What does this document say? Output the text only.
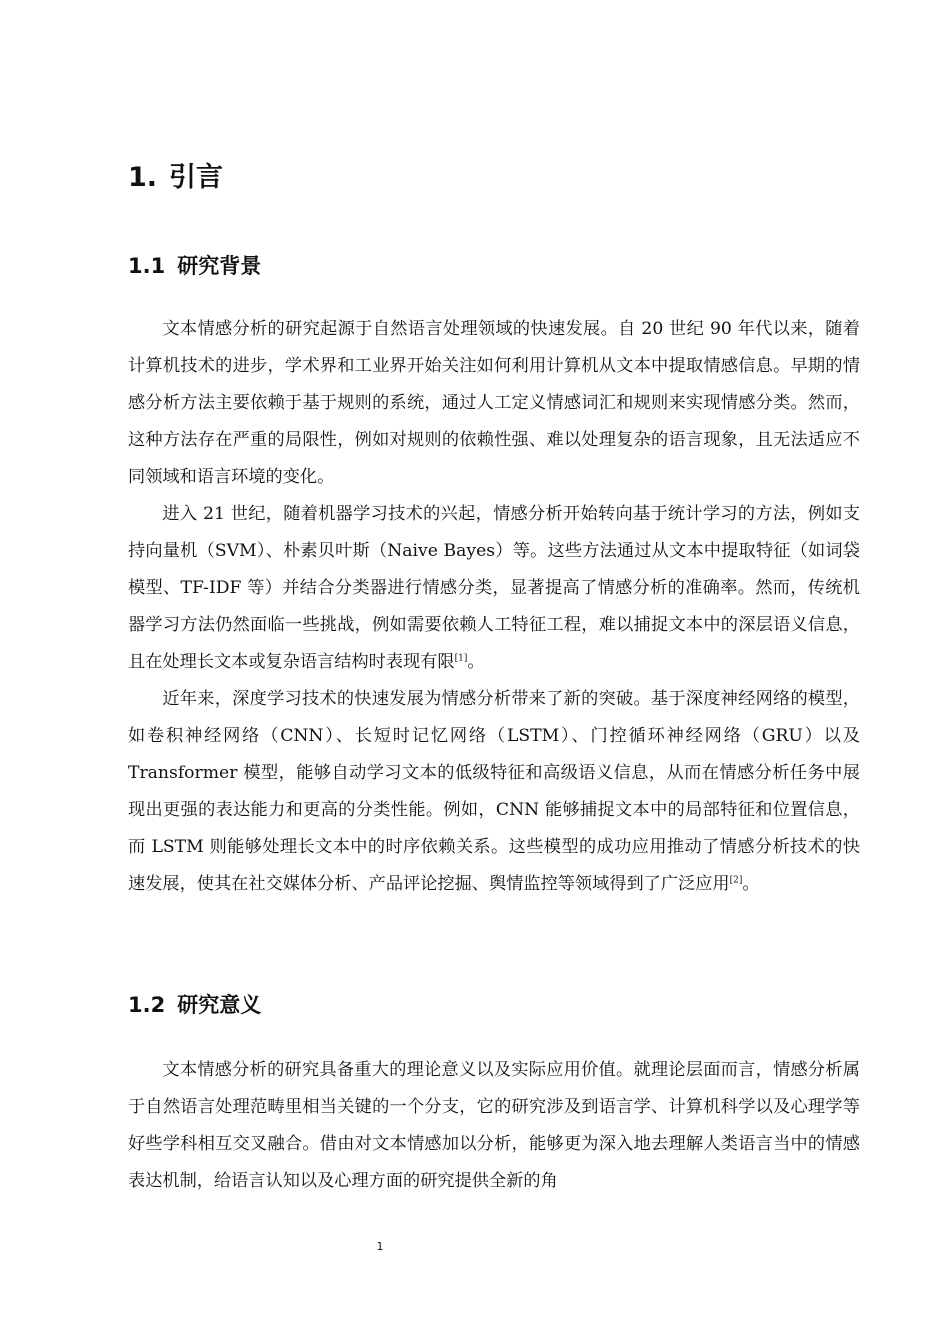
1. 引言
1.1 研究背景

文本情感分析的研究起源于自然语言处理领域的快速发展。自 20 世纪 90 年代以来，随着计算机技术的进步，学术界和工业界开始关注如何利用计算机从文本中提取情感信息。早期的情感分析方法主要依赖于基于规则的系统，通过人工定义情感词汇和规则来实现情感分类。然而，这种方法存在严重的局限性，例如对规则的依赖性强、难以处理复杂的语言现象，且无法适应不同领域和语言环境的变化。

进入 21 世纪，随着机器学习技术的兴起，情感分析开始转向基于统计学习的方法，例如支持向量机（SVM）、朴素贝叶斯（Naive Bayes）等。这些方法通过从文本中提取特征（如词袋模型、TF-IDF 等）并结合分类器进行情感分类，显著提高了情感分析的准确率。然而，传统机器学习方法仍然面临一些挑战，例如需要依赖人工特征工程，难以捕捉文本中的深层语义信息，且在处理长文本或复杂语言结构时表现有限[1]。

近年来，深度学习技术的快速发展为情感分析带来了新的突破。基于深度神经网络的模型，如卷积神经网络（CNN）、长短时记忆网络（LSTM）、门控循环神经网络（GRU）以及 Transformer 模型，能够自动学习文本的低级特征和高级语义信息，从而在情感分析任务中展现出更强的表达能力和更高的分类性能。例如，CNN 能够捕捉文本中的局部特征和位置信息，而 LSTM 则能够处理长文本中的时序依赖关系。这些模型的成功应用推动了情感分析技术的快速发展，使其在社交媒体分析、产品评论挖掘、舆情监控等领域得到了广泛应用[2]。

1.2 研究意义

文本情感分析的研究具备重大的理论意义以及实际应用价值。就理论层面而言，情感分析属于自然语言处理范畴里相当关键的一个分支，它的研究涉及到语言学、计算机科学以及心理学等好些学科相互交叉融合。借由对文本情感加以分析，能够更为深入地去理解人类语言当中的情感表达机制，给语言认知以及心理方面的研究提供全新的角

1
